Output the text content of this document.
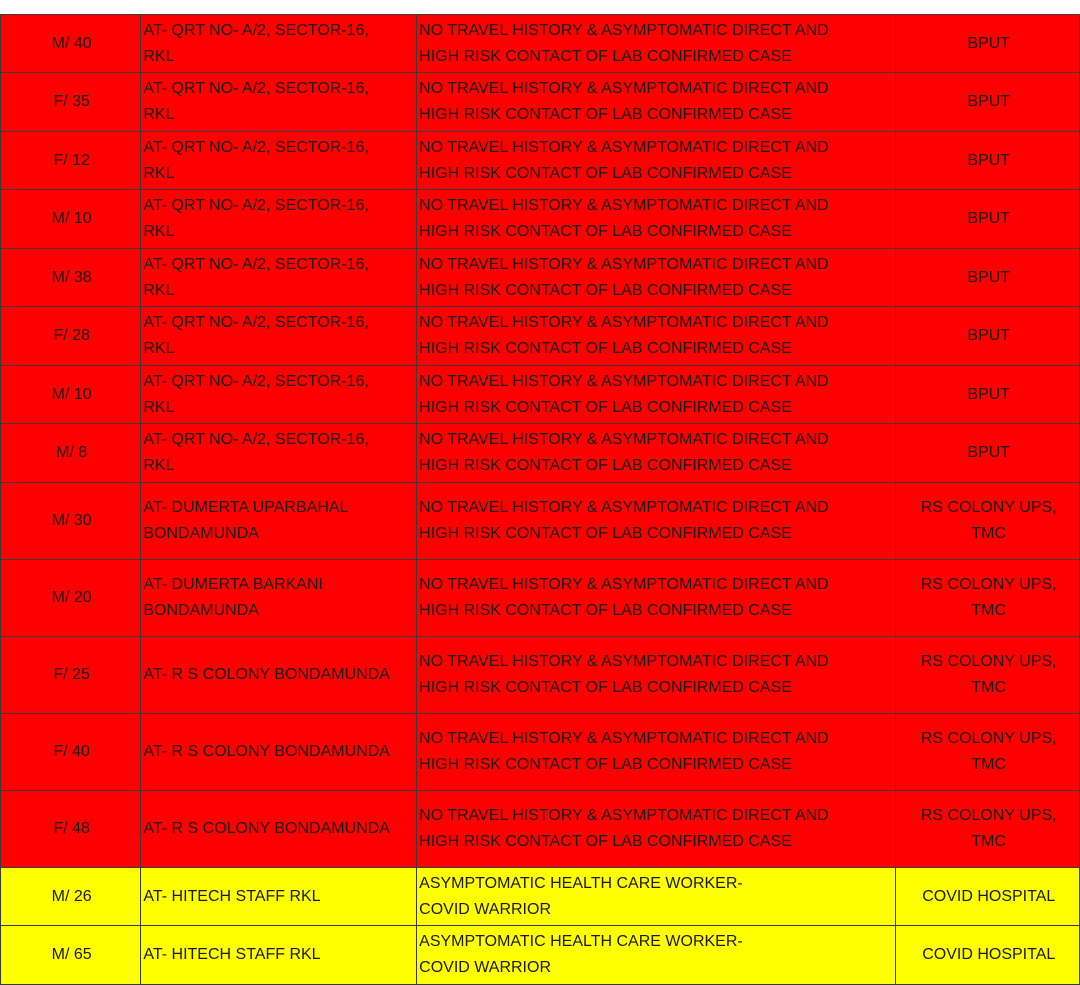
	M/ 40	AT- QRT NO- A/2, SECTOR-16,
RKL	NO TRAVEL HISTORY & ASYMPTOMATIC DIRECT AND
HIGH RISK CONTACT OF LAB CONFIRMED CASE	BPUT
	F/ 35	AT- QRT NO- A/2, SECTOR-16,
RKL	NO TRAVEL HISTORY & ASYMPTOMATIC DIRECT AND
HIGH RISK CONTACT OF LAB CONFIRMED CASE	BPUT
	F/ 12	AT- QRT NO- A/2, SECTOR-16,
RKL	NO TRAVEL HISTORY & ASYMPTOMATIC DIRECT AND
HIGH RISK CONTACT OF LAB CONFIRMED CASE	BPUT
	M/ 10	AT- QRT NO- A/2, SECTOR-16,
RKL	NO TRAVEL HISTORY & ASYMPTOMATIC DIRECT AND
HIGH RISK CONTACT OF LAB CONFIRMED CASE	BPUT
	M/ 38	AT- QRT NO- A/2, SECTOR-16,
RKL	NO TRAVEL HISTORY & ASYMPTOMATIC DIRECT AND
HIGH RISK CONTACT OF LAB CONFIRMED CASE	BPUT
	F/ 28	AT- QRT NO- A/2, SECTOR-16,
RKL	NO TRAVEL HISTORY & ASYMPTOMATIC DIRECT AND
HIGH RISK CONTACT OF LAB CONFIRMED CASE	BPUT
	M/ 10	AT- QRT NO- A/2, SECTOR-16,
RKL	NO TRAVEL HISTORY & ASYMPTOMATIC DIRECT AND
HIGH RISK CONTACT OF LAB CONFIRMED CASE	BPUT
	M/ 8	AT- QRT NO- A/2, SECTOR-16,
RKL	NO TRAVEL HISTORY & ASYMPTOMATIC DIRECT AND
HIGH RISK CONTACT OF LAB CONFIRMED CASE	BPUT
	M/ 30	AT- DUMERTA UPARBAHAL
BONDAMUNDA	NO TRAVEL HISTORY & ASYMPTOMATIC DIRECT AND
HIGH RISK CONTACT OF LAB CONFIRMED CASE	RS COLONY UPS,
TMC
	M/ 20	AT- DUMERTA BARKANI
BONDAMUNDA	NO TRAVEL HISTORY & ASYMPTOMATIC DIRECT AND
HIGH RISK CONTACT OF LAB CONFIRMED CASE	RS COLONY UPS,
TMC
	F/ 25	AT- R S COLONY BONDAMUNDA	NO TRAVEL HISTORY & ASYMPTOMATIC DIRECT AND
HIGH RISK CONTACT OF LAB CONFIRMED CASE	RS COLONY UPS,
TMC
	F/ 40	AT- R S COLONY BONDAMUNDA	NO TRAVEL HISTORY & ASYMPTOMATIC DIRECT AND
HIGH RISK CONTACT OF LAB CONFIRMED CASE	RS COLONY UPS,
TMC
	F/ 48	AT- R S COLONY BONDAMUNDA	NO TRAVEL HISTORY & ASYMPTOMATIC DIRECT AND
HIGH RISK CONTACT OF LAB CONFIRMED CASE	RS COLONY UPS,
TMC
	M/ 26	AT- HITECH STAFF RKL	ASYMPTOMATIC HEALTH CARE WORKER-
COVID WARRIOR	COVID HOSPITAL
	M/ 65	AT- HITECH STAFF RKL	ASYMPTOMATIC HEALTH CARE WORKER-
COVID WARRIOR	COVID HOSPITAL
